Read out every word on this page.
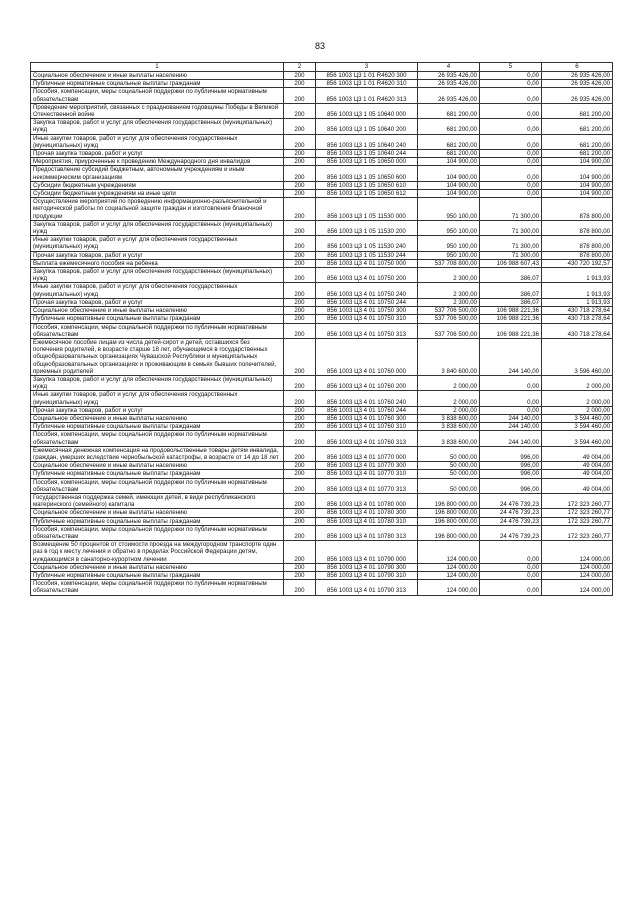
83
1	2	3	4	5	6
Социальное обеспечение и иные выплаты населению	200	856 1003 Ц3 1 01 R4620 300	26 935 426,00	0,00	26 935 426,00
Публичные нормативные социальные выплаты гражданам	200	856 1003 Ц3 1 01 R4620 310	26 935 426,00	0,00	26 935 426,00
Пособия, компенсации, меры социальной поддержки по публичным нормативным обязательствам	200	856 1003 Ц3 1 01 R4620 313	26 935 426,00	0,00	26 935 426,00
Проведение мероприятий, связанных с празднованием годовщины Победы в Великой Отечественной войне	200	856 1003 Ц3 1 05 10640 000	681 200,00	0,00	681 200,00
Закупка товаров, работ и услуг для обеспечения государственных (муниципальных) нужд	200	856 1003 Ц3 1 05 10640 200	681 200,00	0,00	681 200,00
Иные закупки товаров, работ и услуг для обеспечения государственных (муниципальных) нужд	200	856 1003 Ц3 1 05 10640 240	681 200,00	0,00	681 200,00
Прочая закупка товаров, работ и услуг	200	856 1003 Ц3 1 05 10640 244	681 200,00	0,00	681 200,00
Мероприятия, приуроченные к проведению Международного дня инвалидов	200	856 1003 Ц3 1 05 10650 000	104 900,00	0,00	104 900,00
Предоставление субсидий бюджетным, автономным учреждениям и иным некоммерческим организациям	200	856 1003 Ц3 1 05 10650 600	104 900,00	0,00	104 900,00
Субсидии бюджетным учреждениям	200	856 1003 Ц3 1 05 10650 610	104 900,00	0,00	104 900,00
Субсидии бюджетным учреждениям на иные цели	200	856 1003 Ц3 1 05 10650 612	104 900,00	0,00	104 900,00
Осуществление мероприятий по проведению информационно-разъяснительной и методической работы по социальной защите граждан и изготовления бланочной продукции	200	856 1003 Ц3 1 05 11530 000	950 100,00	71 300,00	878 800,00
Закупка товаров, работ и услуг для обеспечения государственных (муниципальных) нужд	200	856 1003 Ц3 1 05 11530 200	950 100,00	71 300,00	878 800,00
Иные закупки товаров, работ и услуг для обеспечения государственных (муниципальных) нужд	200	856 1003 Ц3 1 05 11530 240	950 100,00	71 300,00	878 800,00
Прочая закупка товаров, работ и услуг	200	856 1003 Ц3 1 05 11530 244	950 100,00	71 300,00	878 800,00
Выплата ежемесячного пособия на ребенка	200	856 1003 Ц3 4 01 10750 000	537 708 800,00	106 988 607,43	430 720 192,57
Закупка товаров, работ и услуг для обеспечения государственных (муниципальных) нужд	200	856 1003 Ц3 4 01 10750 200	2 300,00	386,07	1 913,93
Иные закупки товаров, работ и услуг для обеспечения государственных (муниципальных) нужд	200	856 1003 Ц3 4 01 10750 240	2 300,00	386,07	1 913,93
Прочая закупка товаров, работ и услуг	200	856 1003 Ц3 4 01 10750 244	2 300,00	386,07	1 913,93
Социальное обеспечение и иные выплаты населению	200	856 1003 Ц3 4 01 10750 300	537 706 500,00	106 988 221,36	430 718 278,64
Публичные нормативные социальные выплаты гражданам	200	856 1003 Ц3 4 01 10750 310	537 706 500,00	106 988 221,36	430 718 278,64
Пособия, компенсации, меры социальной поддержки по публичным нормативным обязательствам	200	856 1003 Ц3 4 01 10750 313	537 706 500,00	106 988 221,36	430 718 278,64
Ежемесячное пособие лицам из числа детей-сирот и детей, оставшихся без попечения родителей, в возрасте старше 18 лет, обучающимся в государственных общеобразовательных организациях Чувашской Республики и муниципальных общеобразовательных организациях и проживающим в семьях бывших попечителей, приемных родителей	200	856 1003 Ц3 4 01 10760 000	3 840 600,00	244 140,00	3 596 460,00
Закупка товаров, работ и услуг для обеспечения государственных (муниципальных) нужд	200	856 1003 Ц3 4 01 10760 200	2 000,00	0,00	2 000,00
Иные закупки товаров, работ и услуг для обеспечения государственных (муниципальных) нужд	200	856 1003 Ц3 4 01 10760 240	2 000,00	0,00	2 000,00
Прочая закупка товаров, работ и услуг	200	856 1003 Ц3 4 01 10760 244	2 000,00	0,00	2 000,00
Социальное обеспечение и иные выплаты населению	200	856 1003 Ц3 4 01 10760 300	3 838 600,00	244 140,00	3 594 460,00
Публичные нормативные социальные выплаты гражданам	200	856 1003 Ц3 4 01 10760 310	3 838 600,00	244 140,00	3 594 460,00
Пособия, компенсации, меры социальной поддержки по публичным нормативным обязательствам	200	856 1003 Ц3 4 01 10760 313	3 838 600,00	244 140,00	3 594 460,00
Ежемесячная денежная компенсация на продовольственные товары детям инвалида, граждан, умерших вследствие чернобыльской катастрофы, в возрасте от 14 до 18 лет	200	856 1003 Ц3 4 01 10770 000	50 000,00	996,00	49 004,00
Социальное обеспечение и иные выплаты населению	200	856 1003 Ц3 4 01 10770 300	50 000,00	996,00	49 004,00
Публичные нормативные социальные выплаты гражданам	200	856 1003 Ц3 4 01 10770 310	50 000,00	996,00	49 004,00
Пособия, компенсации, меры социальной поддержки по публичным нормативным обязательствам	200	856 1003 Ц3 4 01 10770 313	50 000,00	996,00	49 004,00
Государственная поддержка семей, имеющих детей, в виде республиканского материнского (семейного) капитала	200	856 1003 Ц3 4 01 10780 000	196 800 000,00	24 476 739,23	172 323 260,77
Социальное обеспечение и иные выплаты населению	200	856 1003 Ц3 4 01 10780 300	196 800 000,00	24 476 739,23	172 323 260,77
Публичные нормативные социальные выплаты гражданам	200	856 1003 Ц3 4 01 10780 310	196 800 000,00	24 476 739,23	172 323 260,77
Пособия, компенсации, меры социальной поддержки по публичным нормативным обязательствам	200	856 1003 Ц3 4 01 10780 313	196 800 000,00	24 476 739,23	172 323 260,77
Возмещение 50 процентов от стоимости проезда на междугородном транспорте один раз в год к месту лечения и обратно в пределах Российской Федерации детям, нуждающимся в санаторно-курортном лечении	200	856 1003 Ц3 4 01 10790 000	124 000,00	0,00	124 000,00
Социальное обеспечение и иные выплаты населению	200	856 1003 Ц3 4 01 10790 300	124 000,00	0,00	124 000,00
Публичные нормативные социальные выплаты гражданам	200	856 1003 Ц3 4 01 10790 310	124 000,00	0,00	124 000,00
Пособия, компенсации, меры социальной поддержки по публичным нормативным обязательствам	200	856 1003 Ц3 4 01 10790 313	124 000,00	0,00	124 000,00
